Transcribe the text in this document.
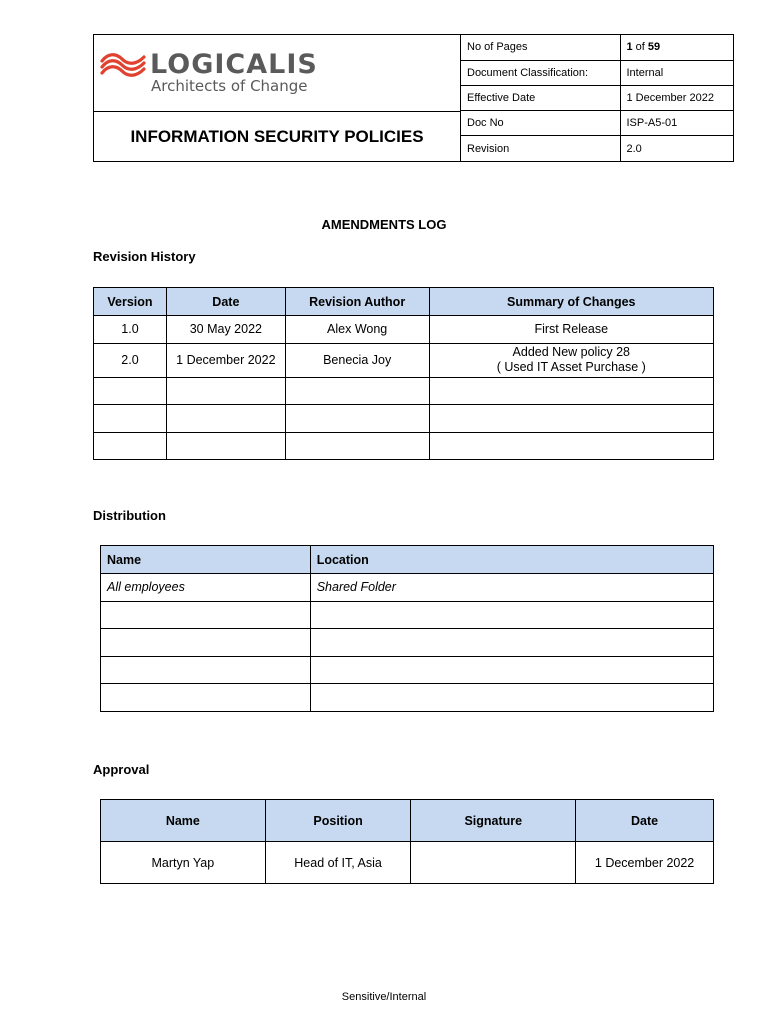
LOGICALIS
Architects of Change
INFORMATION SECURITY POLICIES
No of Pages	1 of 59
Document Classification:	Internal
Effective Date	1 December 2022
Doc No	ISP-A5-01
Revision	2.0
AMENDMENTS LOG
Revision History
Version	Date	Revision Author	Summary of Changes
1.0	30 May 2022	Alex Wong	First Release
2.0	1 December 2022	Benecia Joy	Added New policy 28
( Used IT Asset Purchase )

Distribution
Name	Location
All employees	Shared Folder

Approval
Name	Position	Signature	Date
Martyn Yap	Head of IT, Asia		1 December 2022
Sensitive/Internal
